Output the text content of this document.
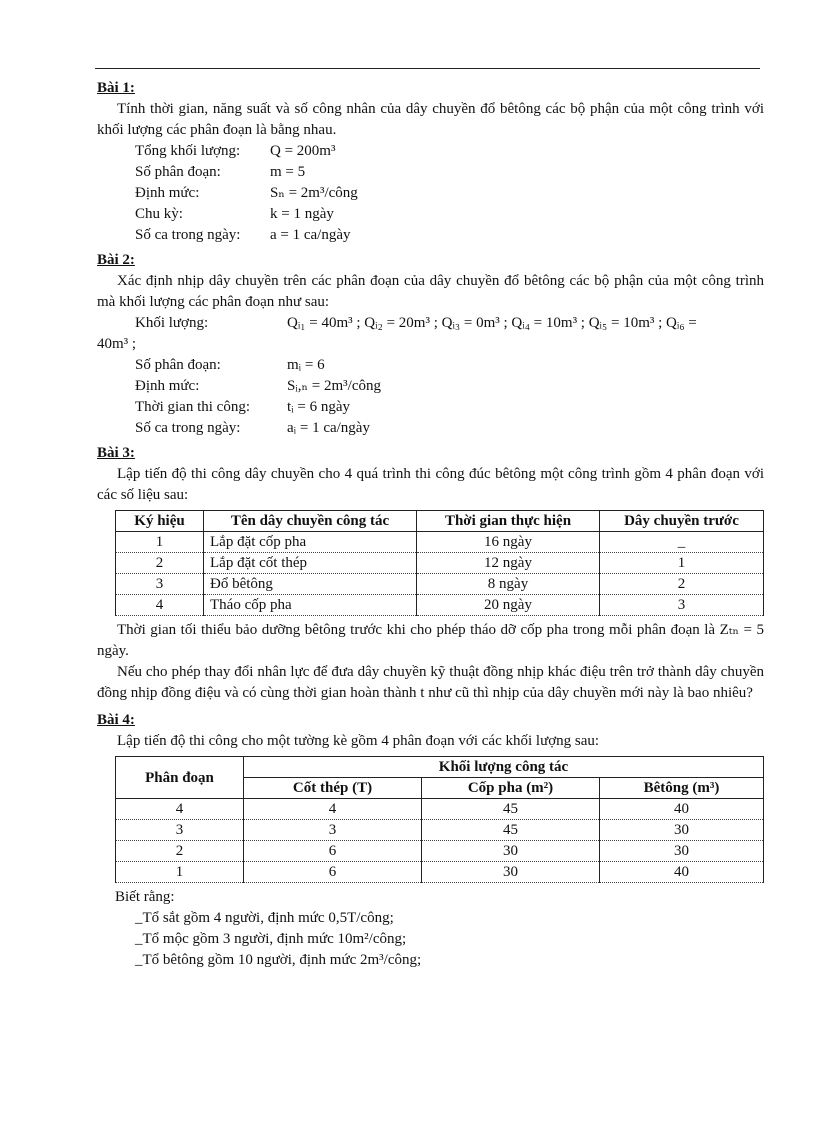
Bài 1:
Tính thời gian, năng suất và số công nhân của dây chuyền đổ bêtông các bộ phận của một công trình với khối lượng các phân đoạn là bằng nhau.
Tổng khối lượng:	Q = 200m³
Số phân đoạn:	m = 5
Định mức:	Sₙ = 2m³/công
Chu kỳ:	k = 1 ngày
Số ca trong ngày:	a = 1 ca/ngày
Bài 2:
Xác định nhịp dây chuyền trên các phân đoạn của dây chuyền đổ bêtông các bộ phận của một công trình mà khối lượng các phân đoạn như sau:
Khối lượng:	Qᵢ₁ = 40m³ ; Qᵢ₂ = 20m³ ; Qᵢ₃ = 0m³ ; Qᵢ₄ = 10m³ ; Qᵢ₅ = 10m³ ; Qᵢ₆ =
40m³ ;
Số phân đoạn:	mᵢ = 6
Định mức:	Sᵢ,ₙ = 2m³/công
Thời gian thi công:	tᵢ = 6 ngày
Số ca trong ngày:	aᵢ = 1 ca/ngày
Bài 3:
Lập tiến độ thi công dây chuyền cho 4 quá trình thi công đúc bêtông một công trình gồm 4 phân đoạn với các số liệu sau:
Ký hiệu	Tên dây chuyền công tác	Thời gian thực hiện	Dây chuyền trước
1	Lắp đặt cốp pha	16 ngày	_
2	Lắp đặt cốt thép	12 ngày	1
3	Đổ bêtông	8 ngày	2
4	Tháo cốp pha	20 ngày	3
Thời gian tối thiểu bảo dưỡng bêtông trước khi cho phép tháo dỡ cốp pha trong mỗi phân đoạn là Zₜₙ = 5 ngày.
Nếu cho phép thay đổi nhân lực để đưa dây chuyền kỹ thuật đồng nhịp khác điệu trên trở thành dây chuyền đồng nhịp đồng điệu và có cùng thời gian hoàn thành t như cũ thì nhịp của dây chuyền mới này là bao nhiêu?
Bài 4:
Lập tiến độ thi công cho một tường kè gồm 4 phân đoạn với các khối lượng sau:
Phân đoạn	Khối lượng công tác		
	Cốt thép (T)	Cốp pha (m²)	Bêtông (m³)
4	4	45	40
3	3	45	30
2	6	30	30
1	6	30	40
Biết rằng:
_Tổ sắt gồm 4 người, định mức 0,5T/công;
_Tổ mộc gồm 3 người, định mức 10m²/công;
_Tổ bêtông gồm 10 người, định mức 2m³/công;
